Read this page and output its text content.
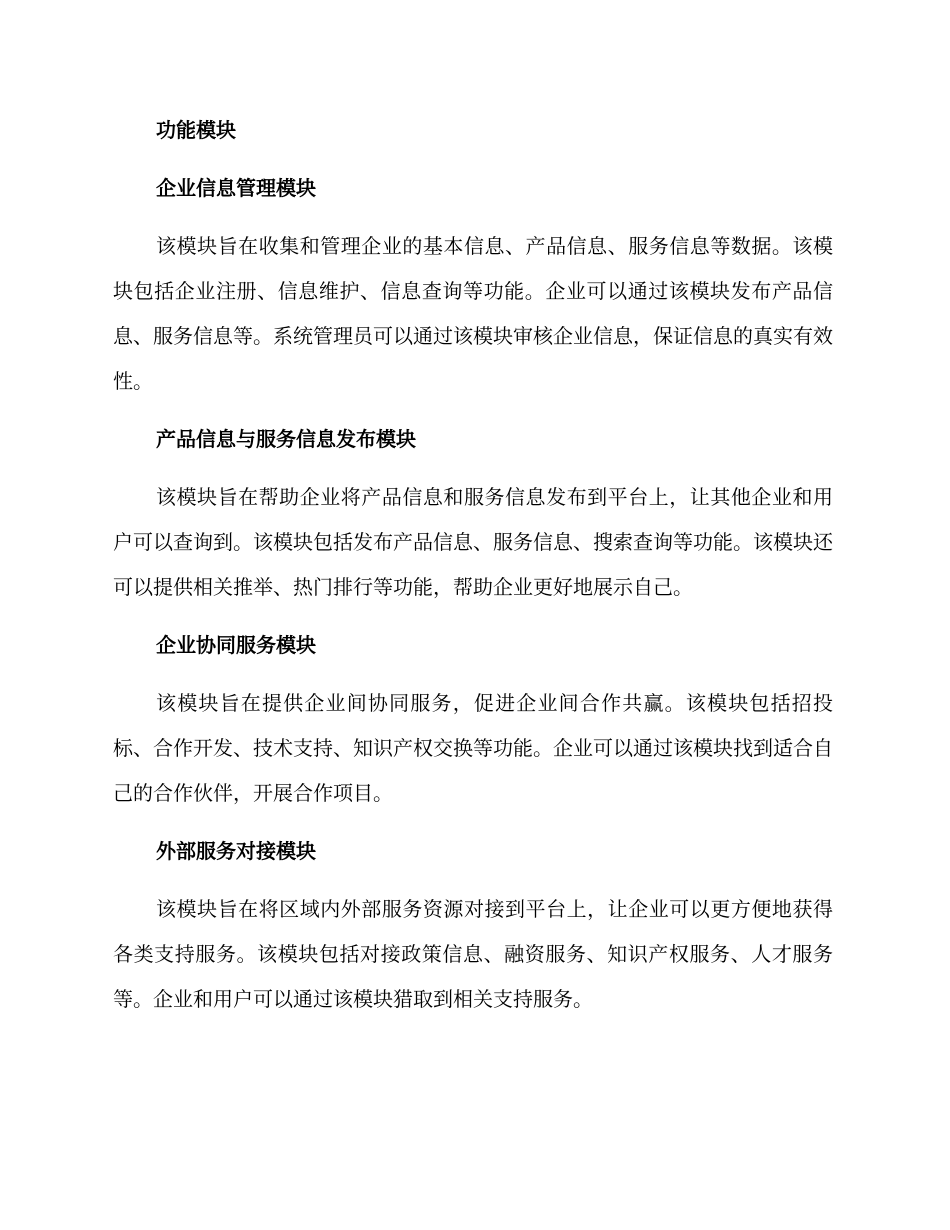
功能模块
企业信息管理模块

该模块旨在收集和管理企业的基本信息、产品信息、服务信息等数据。该模块包括企业注册、信息维护、信息查询等功能。企业可以通过该模块发布产品信息、服务信息等。系统管理员可以通过该模块审核企业信息，保证信息的真实有效性。

产品信息与服务信息发布模块

该模块旨在帮助企业将产品信息和服务信息发布到平台上，让其他企业和用户可以查询到。该模块包括发布产品信息、服务信息、搜索查询等功能。该模块还可以提供相关推举、热门排行等功能，帮助企业更好地展示自己。

企业协同服务模块

该模块旨在提供企业间协同服务，促进企业间合作共赢。该模块包括招投标、合作开发、技术支持、知识产权交换等功能。企业可以通过该模块找到适合自己的合作伙伴，开展合作项目。

外部服务对接模块

该模块旨在将区域内外部服务资源对接到平台上，让企业可以更方便地获得各类支持服务。该模块包括对接政策信息、融资服务、知识产权服务、人才服务等。企业和用户可以通过该模块猎取到相关支持服务。
